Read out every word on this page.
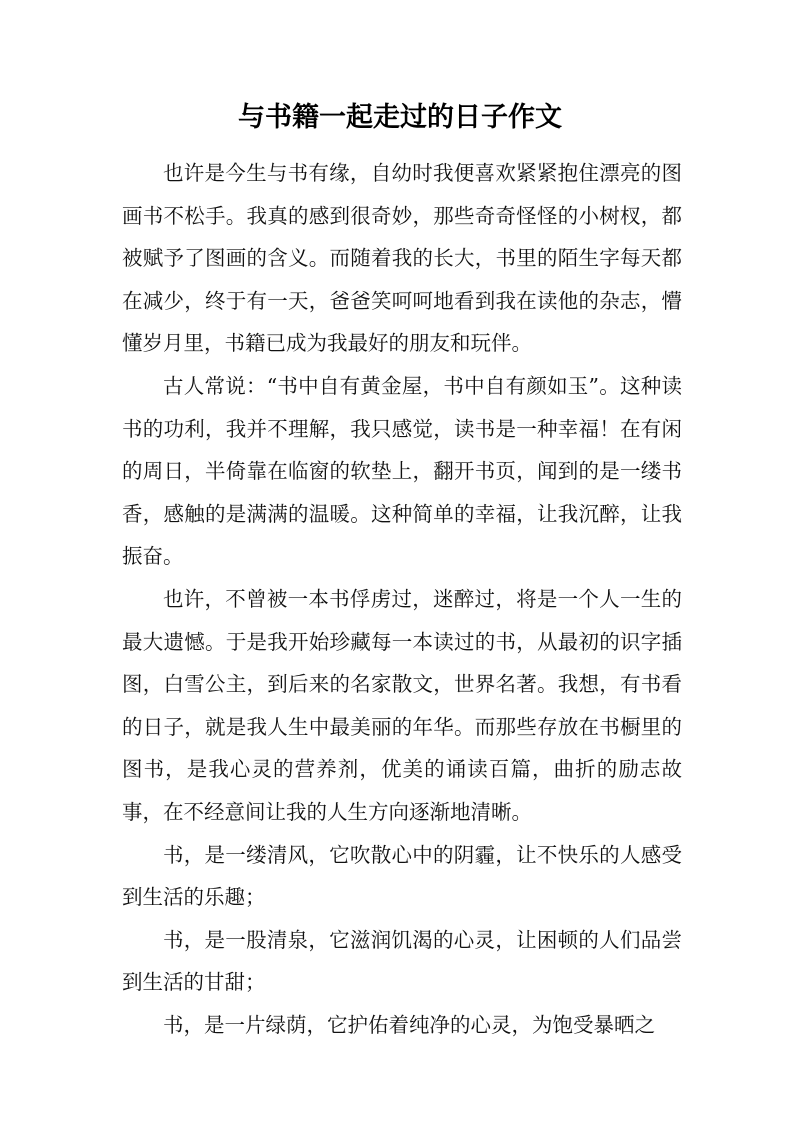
与书籍一起走过的日子作文

也许是今生与书有缘，自幼时我便喜欢紧紧抱住漂亮的图画书不松手。我真的感到很奇妙，那些奇奇怪怪的小树杈，都被赋予了图画的含义。而随着我的长大，书里的陌生字每天都在减少，终于有一天，爸爸笑呵呵地看到我在读他的杂志，懵懂岁月里，书籍已成为我最好的朋友和玩伴。

古人常说：“书中自有黄金屋，书中自有颜如玉”。这种读书的功利，我并不理解，我只感觉，读书是一种幸福！在有闲的周日，半倚靠在临窗的软垫上，翻开书页，闻到的是一缕书香，感触的是满满的温暖。这种简单的幸福，让我沉醉，让我振奋。

也许，不曾被一本书俘虏过，迷醉过，将是一个人一生的最大遗憾。于是我开始珍藏每一本读过的书，从最初的识字插图，白雪公主，到后来的名家散文，世界名著。我想，有书看的日子，就是我人生中最美丽的年华。而那些存放在书橱里的图书，是我心灵的营养剂，优美的诵读百篇，曲折的励志故事，在不经意间让我的人生方向逐渐地清晰。

书，是一缕清风，它吹散心中的阴霾，让不快乐的人感受到生活的乐趣；

书，是一股清泉，它滋润饥渴的心灵，让困顿的人们品尝到生活的甘甜；

书，是一片绿荫，它护佑着纯净的心灵，为饱受暴晒之
